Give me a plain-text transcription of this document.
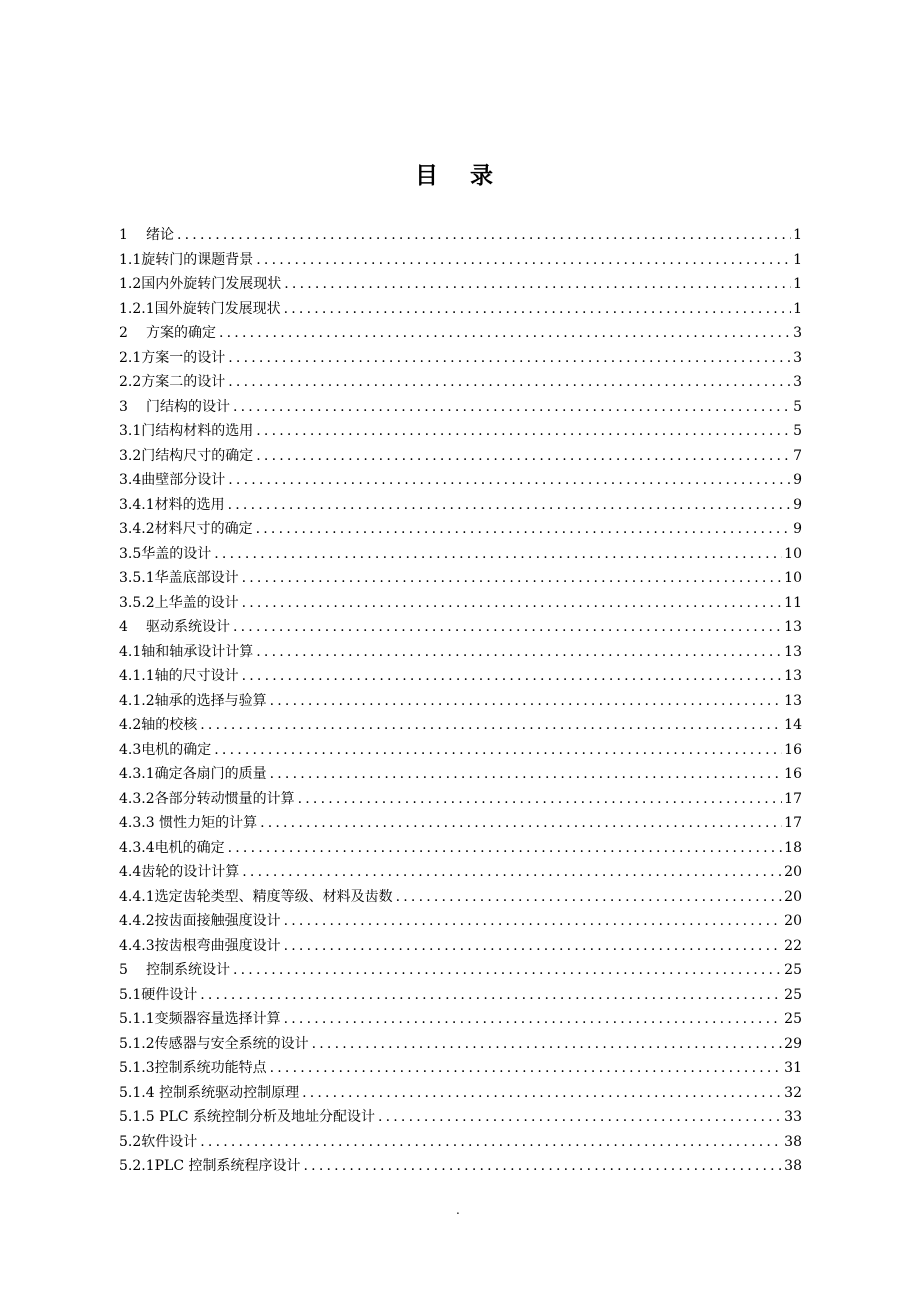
目 录
1 绪论 .....	1
1.1旋转门的课题背景 .....	1
1.2国内外旋转门发展现状 .....	1
1.2.1国外旋转门发展现状 .....	1
2 方案的确定 .....	3
2.1方案一的设计 .....	3
2.2方案二的设计 .....	3
3 门结构的设计 .....	5
3.1门结构材料的选用 .....	5
3.2门结构尺寸的确定 .....	7
3.4曲壁部分设计 .....	9
3.4.1材料的选用 .....	9
3.4.2材料尺寸的确定 .....	9
3.5华盖的设计 .....	10
3.5.1华盖底部设计 .....	10
3.5.2上华盖的设计 .....	11
4 驱动系统设计 .....	13
4.1轴和轴承设计计算 .....	13
4.1.1轴的尺寸设计 .....	13
4.1.2轴承的选择与验算 .....	13
4.2轴的校核 .....	14
4.3电机的确定 .....	16
4.3.1确定各扇门的质量 .....	16
4.3.2各部分转动惯量的计算 .....	17
4.3.3 惯性力矩的计算 .....	17
4.3.4电机的确定 .....	18
4.4齿轮的设计计算 .....	20
4.4.1选定齿轮类型、精度等级、材料及齿数 .....	20
4.4.2按齿面接触强度设计 .....	20
4.4.3按齿根弯曲强度设计 .....	22
5 控制系统设计 .....	25
5.1硬件设计 .....	25
5.1.1变频器容量选择计算 .....	25
5.1.2传感器与安全系统的设计 .....	29
5.1.3控制系统功能特点 .....	31
5.1.4 控制系统驱动控制原理 .....	32
5.1.5 PLC 系统控制分析及地址分配设计 .....	33
5.2软件设计 .....	38
5.2.1PLC 控制系统程序设计 .....	38
.
